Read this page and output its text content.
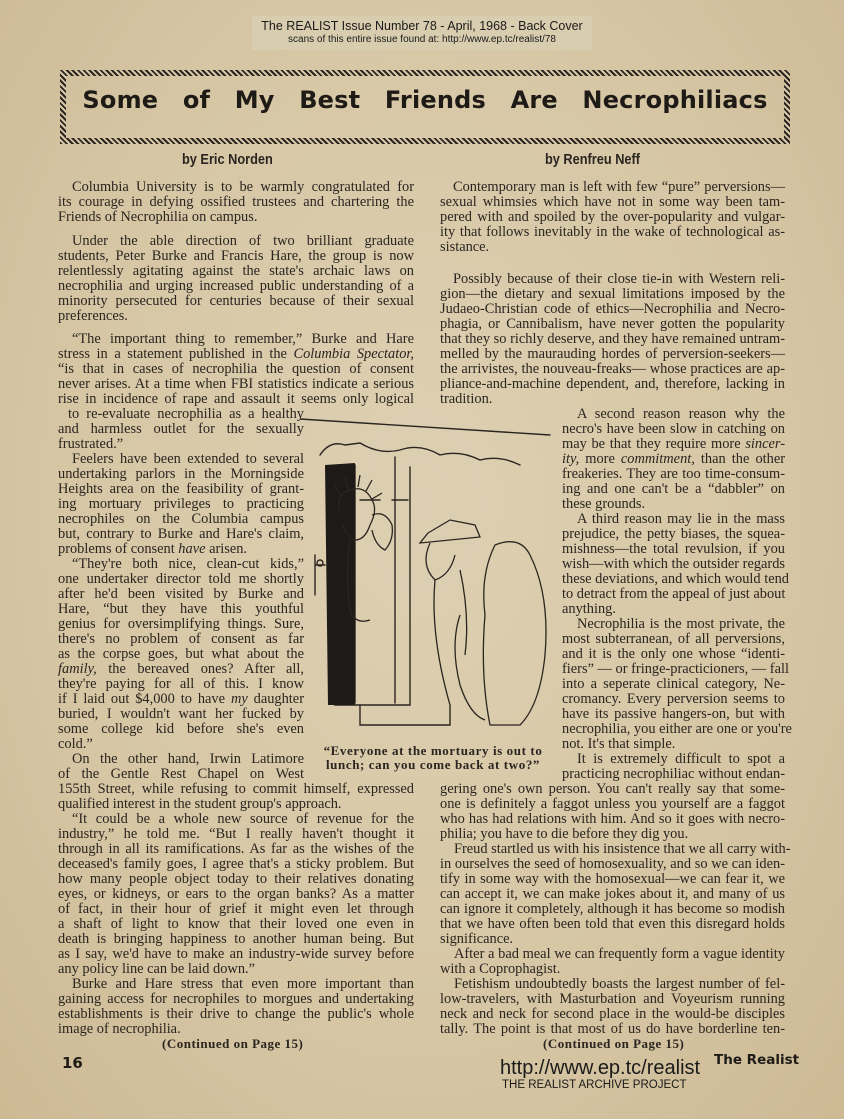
The REALIST Issue Number 78 - April, 1968 - Back Cover
scans of this entire issue found at: http://www.ep.tc/realist/78
Some of My Best Friends Are Necrophiliacs
by Eric Norden	by Renfreu Neff
Columbia University is to be warmly congratulated for
its courage in defying ossified trustees and chartering the
Friends of Necrophilia on campus.
Under the able direction of two brilliant graduate
students, Peter Burke and Francis Hare, the group is now
relentlessly agitating against the state's archaic laws on
necrophilia and urging increased public understanding of a
minority persecuted for centuries because of their sexual
preferences.
“The important thing to remember,” Burke and Hare
stress in a statement published in the Columbia Spectator,
“is that in cases of necrophilia the question of consent
never arises. At a time when FBI statistics indicate a serious
rise in incidence of rape and assault it seems only logical
to re-evaluate necrophilia as a healthy
and harmless outlet for the sexually
frustrated.”
Feelers have been extended to several
undertaking parlors in the Morningside
Heights area on the feasibility of grant-
ing mortuary privileges to practicing
necrophiles on the Columbia campus
but, contrary to Burke and Hare's claim,
problems of consent have arisen.
“They're both nice, clean-cut kids,”
one undertaker director told me shortly
after he'd been visited by Burke and
Hare, “but they have this youthful
genius for oversimplifying things. Sure,
there's no problem of consent as far
as the corpse goes, but what about the
family, the bereaved ones? After all,
they're paying for all of this. I know
if I laid out $4,000 to have my daughter
buried, I wouldn't want her fucked by
some college kid before she's even
cold.”
On the other hand, Irwin Latimore
of the Gentle Rest Chapel on West
155th Street, while refusing to commit himself, expressed
qualified interest in the student group's approach.
“It could be a whole new source of revenue for the
industry,” he told me. “But I really haven't thought it
through in all its ramifications. As far as the wishes of the
deceased's family goes, I agree that's a sticky problem. But
how many people object today to their relatives donating
eyes, or kidneys, or ears to the organ banks? As a matter
of fact, in their hour of grief it might even let through
a shaft of light to know that their loved one even in
death is bringing happiness to another human being. But
as I say, we'd have to make an industry-wide survey before
any policy line can be laid down.”
Burke and Hare stress that even more important than
gaining access for necrophiles to morgues and undertaking
establishments is their drive to change the public's whole
image of necrophilia.
(Continued on Page 15)
Contemporary man is left with few “pure” perversions—
sexual whimsies which have not in some way been tam-
pered with and spoiled by the over-popularity and vulgar-
ity that follows inevitably in the wake of technological as-
sistance.
Possibly because of their close tie-in with Western reli-
gion—the dietary and sexual limitations imposed by the
Judaeo-Christian code of ethics—Necrophilia and Necro-
phagia, or Cannibalism, have never gotten the popularity
that they so richly deserve, and they have remained untram-
melled by the maurauding hordes of perversion-seekers—
the arrivistes, the nouveau-freaks— whose practices are ap-
pliance-and-machine dependent, and, therefore, lacking in
tradition.
A second reason reason why the
necro's have been slow in catching on
may be that they require more sincer-
ity, more commitment, than the other
freakeries. They are too time-consum-
ing and one can't be a “dabbler” on
these grounds.
A third reason may lie in the mass
prejudice, the petty biases, the squea-
mishness—the total revulsion, if you
wish—with which the outsider regards
these deviations, and which would tend
to detract from the appeal of just about
anything.
Necrophilia is the most private, the
most subterranean, of all perversions,
and it is the only one whose “identi-
fiers” — or fringe-practicioners, — fall
into a seperate clinical category, Ne-
cromancy. Every perversion seems to
have its passive hangers-on, but with
necrophilia, you either are one or you're
not. It's that simple.
It is extremely difficult to spot a
practicing necrophiliac without endan-
gering one's own person. You can't really say that some-
one is definitely a faggot unless you yourself are a faggot
who has had relations with him. And so it goes with necro-
philia; you have to die before they dig you.
Freud startled us with his insistence that we all carry with-
in ourselves the seed of homosexuality, and so we can iden-
tify in some way with the homosexual—we can fear it, we
can accept it, we can make jokes about it, and many of us
can ignore it completely, although it has become so modish
that we have often been told that even this disregard holds
significance.
After a bad meal we can frequently form a vague identity
with a Coprophagist.
Fetishism undoubtedly boasts the largest number of fel-
low-travelers, with Masturbation and Voyeurism running
neck and neck for second place in the would-be disciples
tally. The point is that most of us do have borderline ten-
(Continued on Page 15)
“Everyone at the mortuary is out to
lunch; can you come back at two?”
16	http://www.ep.tc/realist
THE REALIST ARCHIVE PROJECT
The Realist
